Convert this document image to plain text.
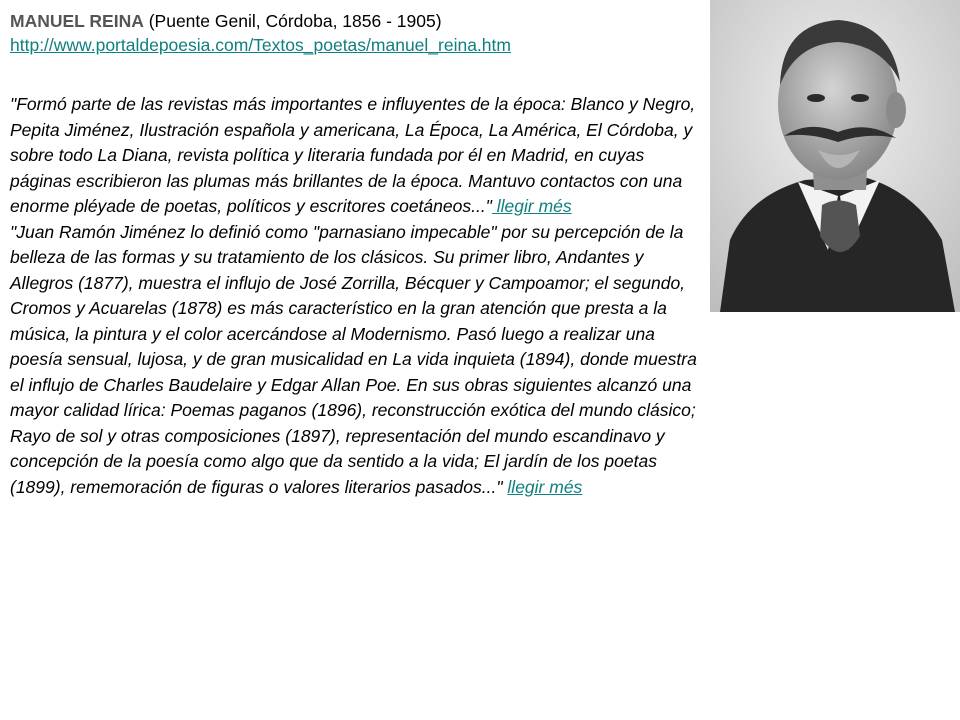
MANUEL REINA (Puente Genil, Córdoba, 1856 - 1905)
http://www.portaldepoesia.com/Textos_poetas/manuel_reina.htm

"Formó parte de las revistas más importantes e influyentes de la época: Blanco y Negro, Pepita Jiménez, Ilustración española y americana, La Época, La América, El Córdoba, y sobre todo La Diana, revista política y literaria fundada por él en Madrid, en cuyas páginas escribieron las plumas más brillantes de la época. Mantuvo contactos con una enorme pléyade de poetas, políticos y escritores coetáneos..." llegir més

"Juan Ramón Jiménez lo definió como "parnasiano impecable" por su percepción de la belleza de las formas y su tratamiento de los clásicos. Su primer libro, Andantes y Allegros (1877), muestra el influjo de José Zorrilla, Bécquer y Campoamor; el segundo, Cromos y Acuarelas (1878) es más característico en la gran atención que presta a la música, la pintura y el color acercándose al Modernismo. Pasó luego a realizar una poesía sensual, lujosa, y de gran musicalidad en La vida inquieta (1894), donde muestra el influjo de Charles Baudelaire y Edgar Allan Poe. En sus obras siguientes alcanzó una mayor calidad lírica: Poemas paganos (1896), reconstrucción exótica del mundo clásico; Rayo de sol y otras composiciones (1897), representación del mundo escandinavo y concepción de la poesía como algo que da sentido a la vida; El jardín de los poetas (1899), rememoración de figuras o valores literarios pasados..." llegir més
